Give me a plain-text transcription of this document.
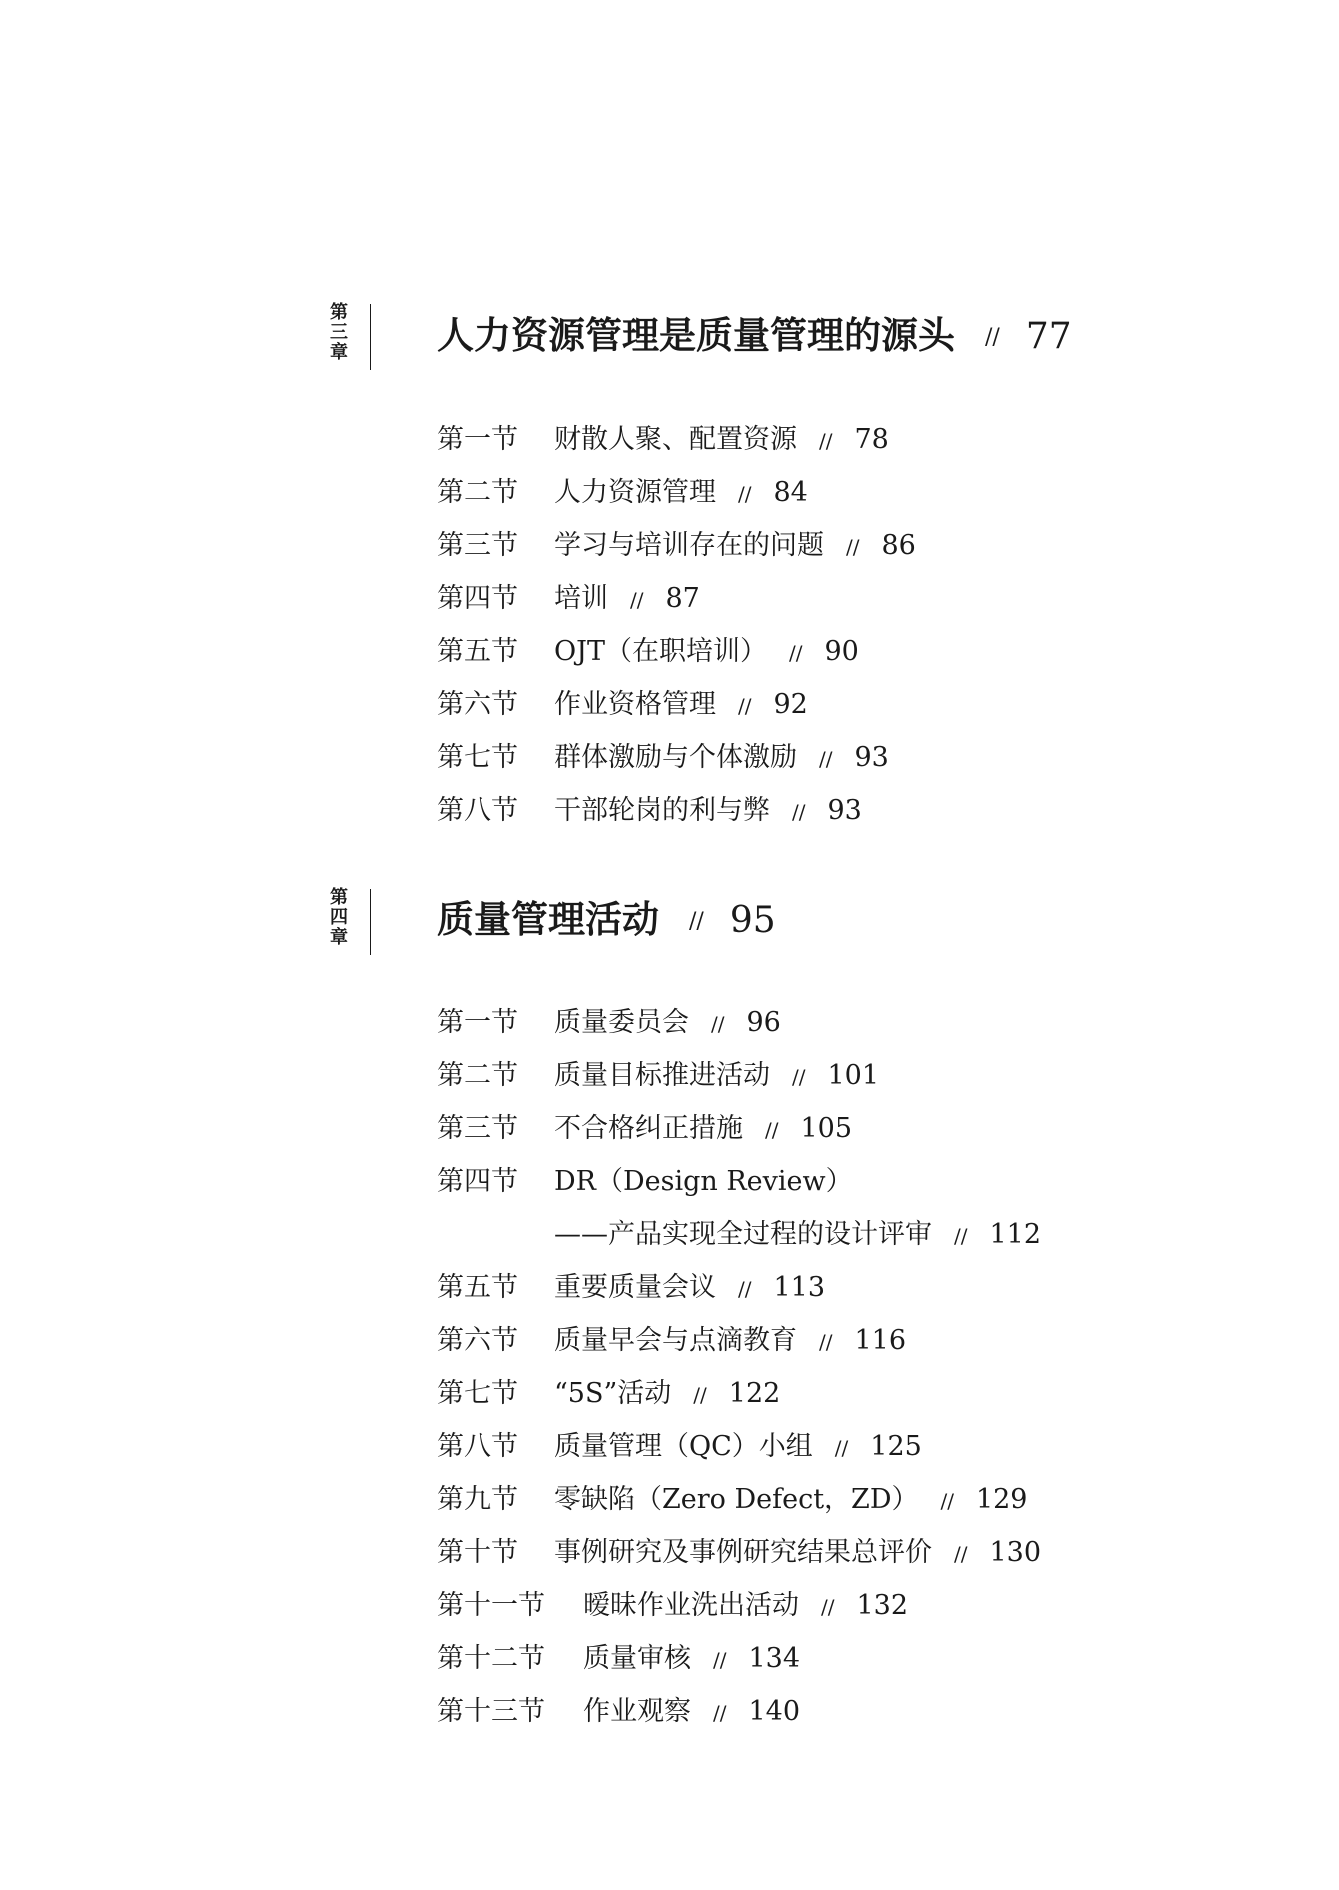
第
三
章 人力资源管理是质量管理的源头 // 77
第一节 财散人聚、配置资源 // 78
第二节 人力资源管理 // 84
第三节 学习与培训存在的问题 // 86
第四节 培训 // 87
第五节 OJT（在职培训） // 90
第六节 作业资格管理 // 92
第七节 群体激励与个体激励 // 93
第八节 干部轮岗的利与弊 // 93
第
四
章 质量管理活动 // 95
第一节 质量委员会 // 96
第二节 质量目标推进活动 // 101
第三节 不合格纠正措施 // 105
第四节 DR（Design Review）
——产品实现全过程的设计评审 // 112
第五节 重要质量会议 // 113
第六节 质量早会与点滴教育 // 116
第七节 “5S”活动 // 122
第八节 质量管理（QC）小组 // 125
第九节 零缺陷（Zero Defect，ZD） // 129
第十节 事例研究及事例研究结果总评价 // 130
第十一节 暧昧作业洗出活动 // 132
第十二节 质量审核 // 134
第十三节 作业观察 // 140
